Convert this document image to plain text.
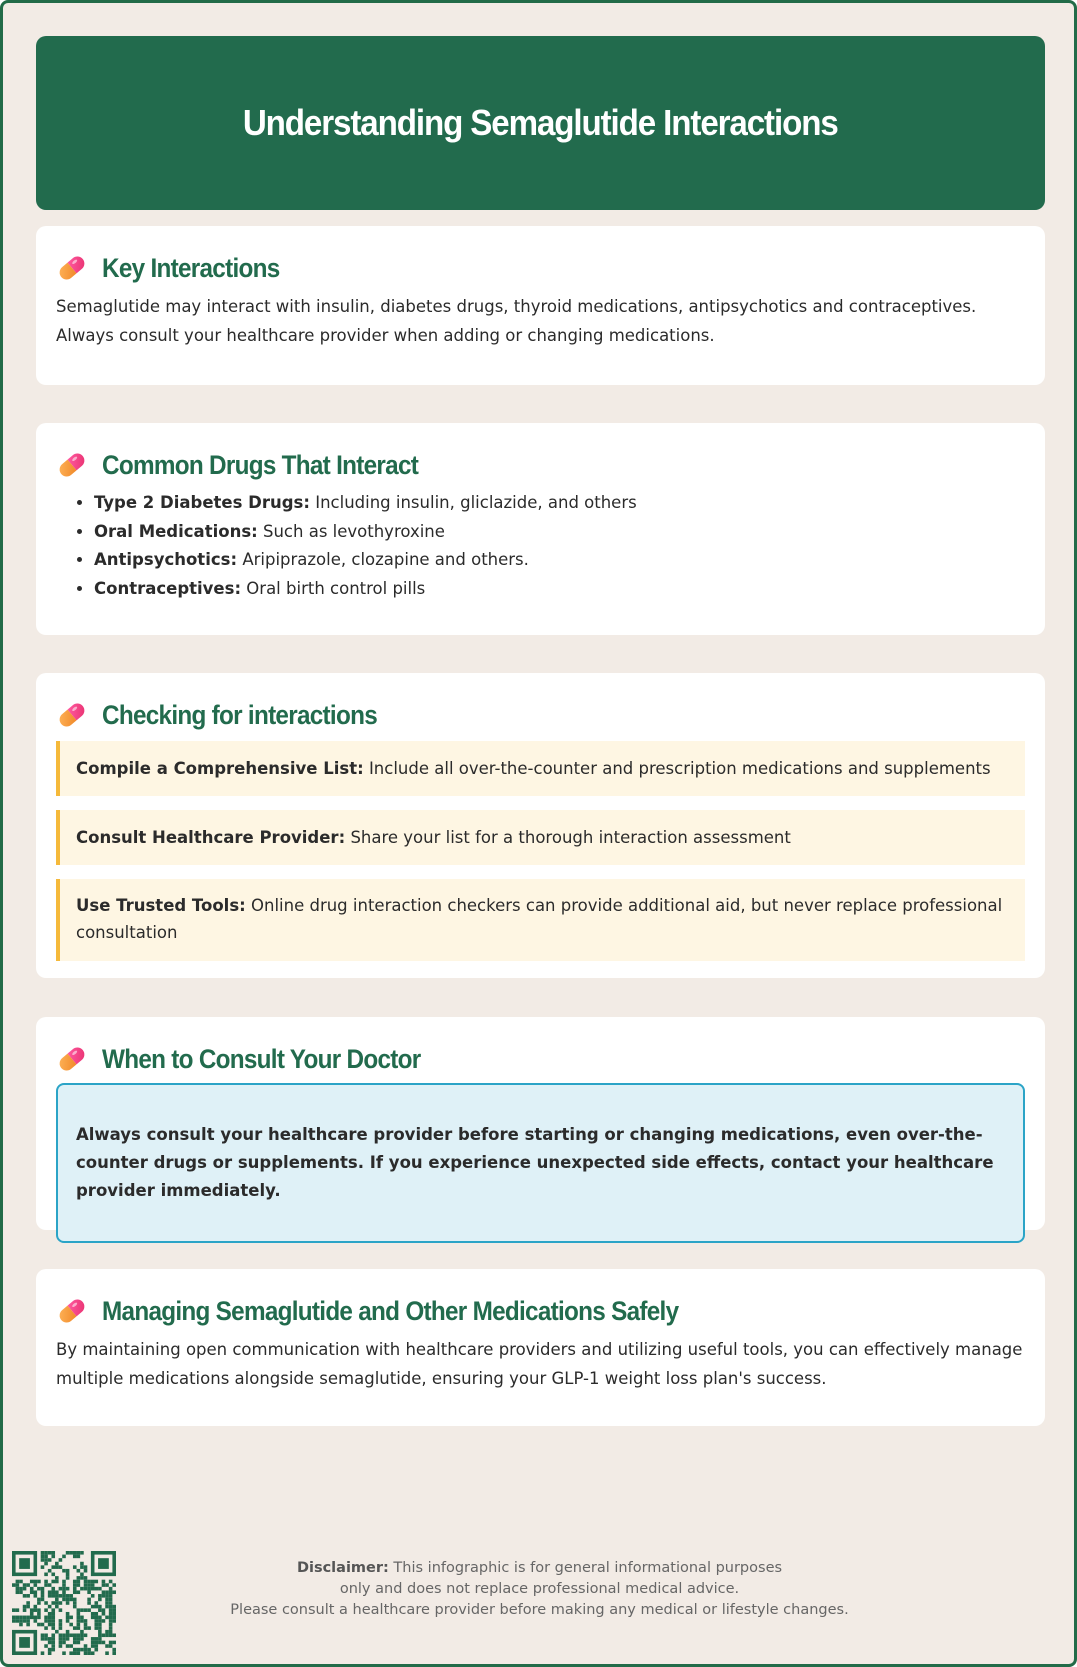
Understanding Semaglutide Interactions
Key Interactions

Semaglutide may interact with insulin, diabetes drugs, thyroid medications, antipsychotics and contraceptives. Always consult your healthcare provider when adding or changing medications.

Common Drugs That Interact
• Type 2 Diabetes Drugs: Including insulin, gliclazide, and others
• Oral Medications: Such as levothyroxine
• Antipsychotics: Aripiprazole, clozapine and others.
• Contraceptives: Oral birth control pills
Checking for interactions
Compile a Comprehensive List: Include all over-the-counter and prescription medications and supplements
Consult Healthcare Provider: Share your list for a thorough interaction assessment
Use Trusted Tools: Online drug interaction checkers can provide additional aid, but never replace professional consultation
When to Consult Your Doctor
Always consult your healthcare provider before starting or changing medications, even over-the-counter drugs or supplements. If you experience unexpected side effects, contact your healthcare provider immediately.
Managing Semaglutide and Other Medications Safely

By maintaining open communication with healthcare providers and utilizing useful tools, you can effectively manage multiple medications alongside semaglutide, ensuring your GLP-1 weight loss plan's success.

Disclaimer: This infographic is for general informational purposes
only and does not replace professional medical advice.
Please consult a healthcare provider before making any medical or lifestyle changes.
